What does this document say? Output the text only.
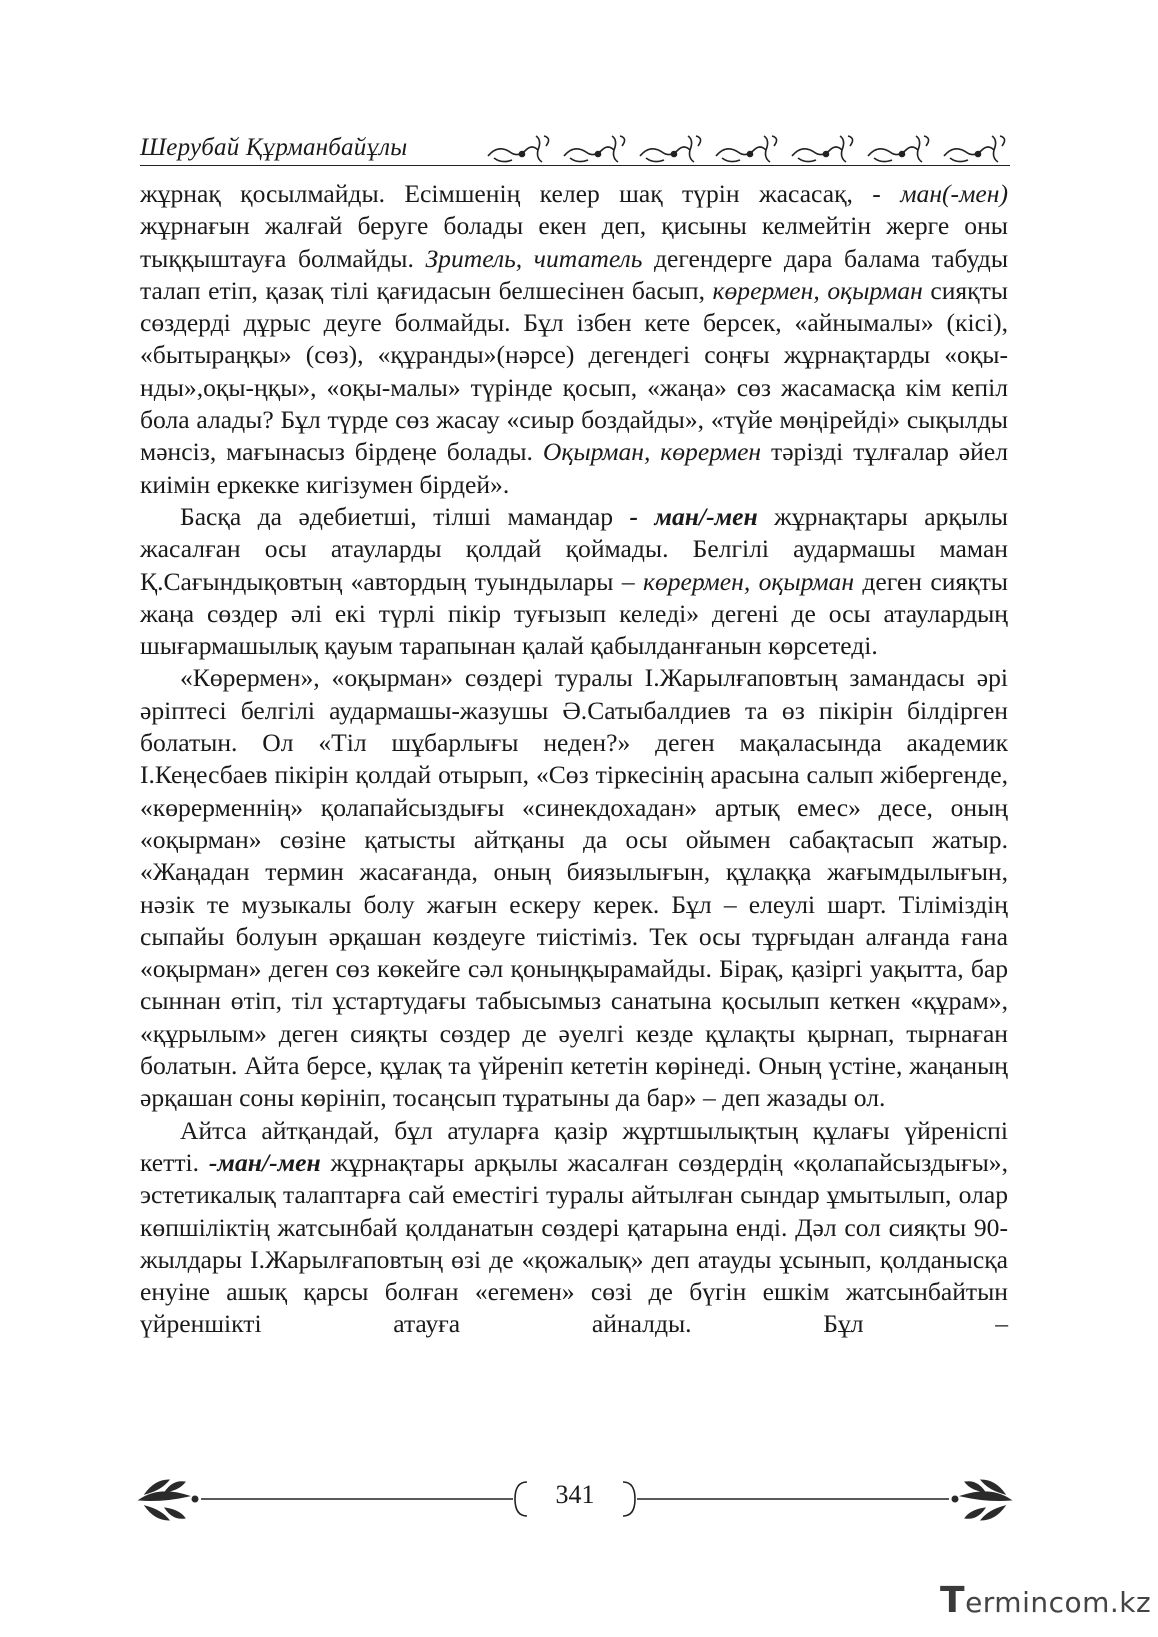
Шерубай Құрманбайұлы

жұрнақ қосылмайды. Есімшенің келер шақ түрін жасасақ, - ман(-мен) жұрнағын жалғай беруге болады екен деп, қисыны келмейтін жерге оны тыққыштауға болмайды. Зритель, читатель дегендерге дара балама табуды талап етіп, қазақ тілі қағидасын белшесінен басып, көрермен, оқырман сияқты сөздерді дұрыс деуге болмайды. Бұл ізбен кете берсек, «айнымалы» (кісі), «бытыраңқы» (сөз), «құранды»(нәрсе) дегендегі соңғы жұрнақтарды «оқы-нды»,оқы-ңқы», «оқы-малы» түрінде қосып, «жаңа» сөз жасамасқа кім кепіл бола алады? Бұл түрде сөз жасау «сиыр боздайды», «түйе мөңірейді» сықылды мәнсіз, мағынасыз бірдеңе болады. Оқырман, көрермен тәрізді тұлғалар әйел киімін еркекке кигізумен бірдей».

Басқа да әдебиетші, тілші мамандар - ман/-мен жұрнақтары арқылы жасалған осы атауларды қолдай қоймады. Белгілі аудармашы маман Қ.Сағындықовтың «автордың туындылары – көрермен, оқырман деген сияқты жаңа сөздер әлі екі түрлі пікір туғызып келеді» дегені де осы атаулардың шығармашылық қауым тарапынан қалай қабылданғанын көрсетеді.

«Көрермен», «оқырман» сөздері туралы І.Жарылғаповтың замандасы әрі әріптесі белгілі аудармашы-жазушы Ә.Сатыбалдиев та өз пікірін білдірген болатын. Ол «Тіл шұбарлығы неден?» деген мақаласында академик І.Кеңесбаев пікірін қолдай отырып, «Сөз тіркесінің арасына салып жібергенде, «көрерменнің» қолапайсыздығы «синекдохадан» артық емес» десе, оның «оқырман» сөзіне қатысты айтқаны да осы ойымен сабақтасып жатыр. «Жаңадан термин жасағанда, оның биязылығын, құлаққа жағымдылығын, нәзік те музыкалы болу жағын ескеру керек. Бұл – елеулі шарт. Тіліміздің сыпайы болуын әрқашан көздеуге тиістіміз. Тек осы тұрғыдан алғанда ғана «оқырман» деген сөз көкейге сәл қоныңқырамайды. Бірақ, қазіргі уақытта, бар сыннан өтіп, тіл ұстартудағы табысымыз санатына қосылып кеткен «құрам», «құрылым» деген сияқты сөздер де әуелгі кезде құлақты қырнап, тырнаған болатын. Айта берсе, құлақ та үйреніп кететін көрінеді. Оның үстіне, жаңаның әрқашан соны көрініп, тосаңсып тұратыны да бар» – деп жазады ол.

Айтса айтқандай, бұл атуларға қазір жұртшылықтың құлағы үйреніспі кетті. -ман/-мен жұрнақтары арқылы жасалған сөздердің «қолапайсыздығы», эстетикалық талаптарға сай еместігі туралы айтылған сындар ұмытылып, олар көпшіліктің жатсынбай қолданатын сөздері қатарына енді. Дәл сол сияқты 90-жылдары І.Жарылғаповтың өзі де «қожалық» деп атауды ұсынып, қолданысқа енуіне ашық қарсы болған «егемен» сөзі де бүгін ешкім жатсынбайтын үйреншікті атауға айналды. Бұл –

341
Termincom.kz
